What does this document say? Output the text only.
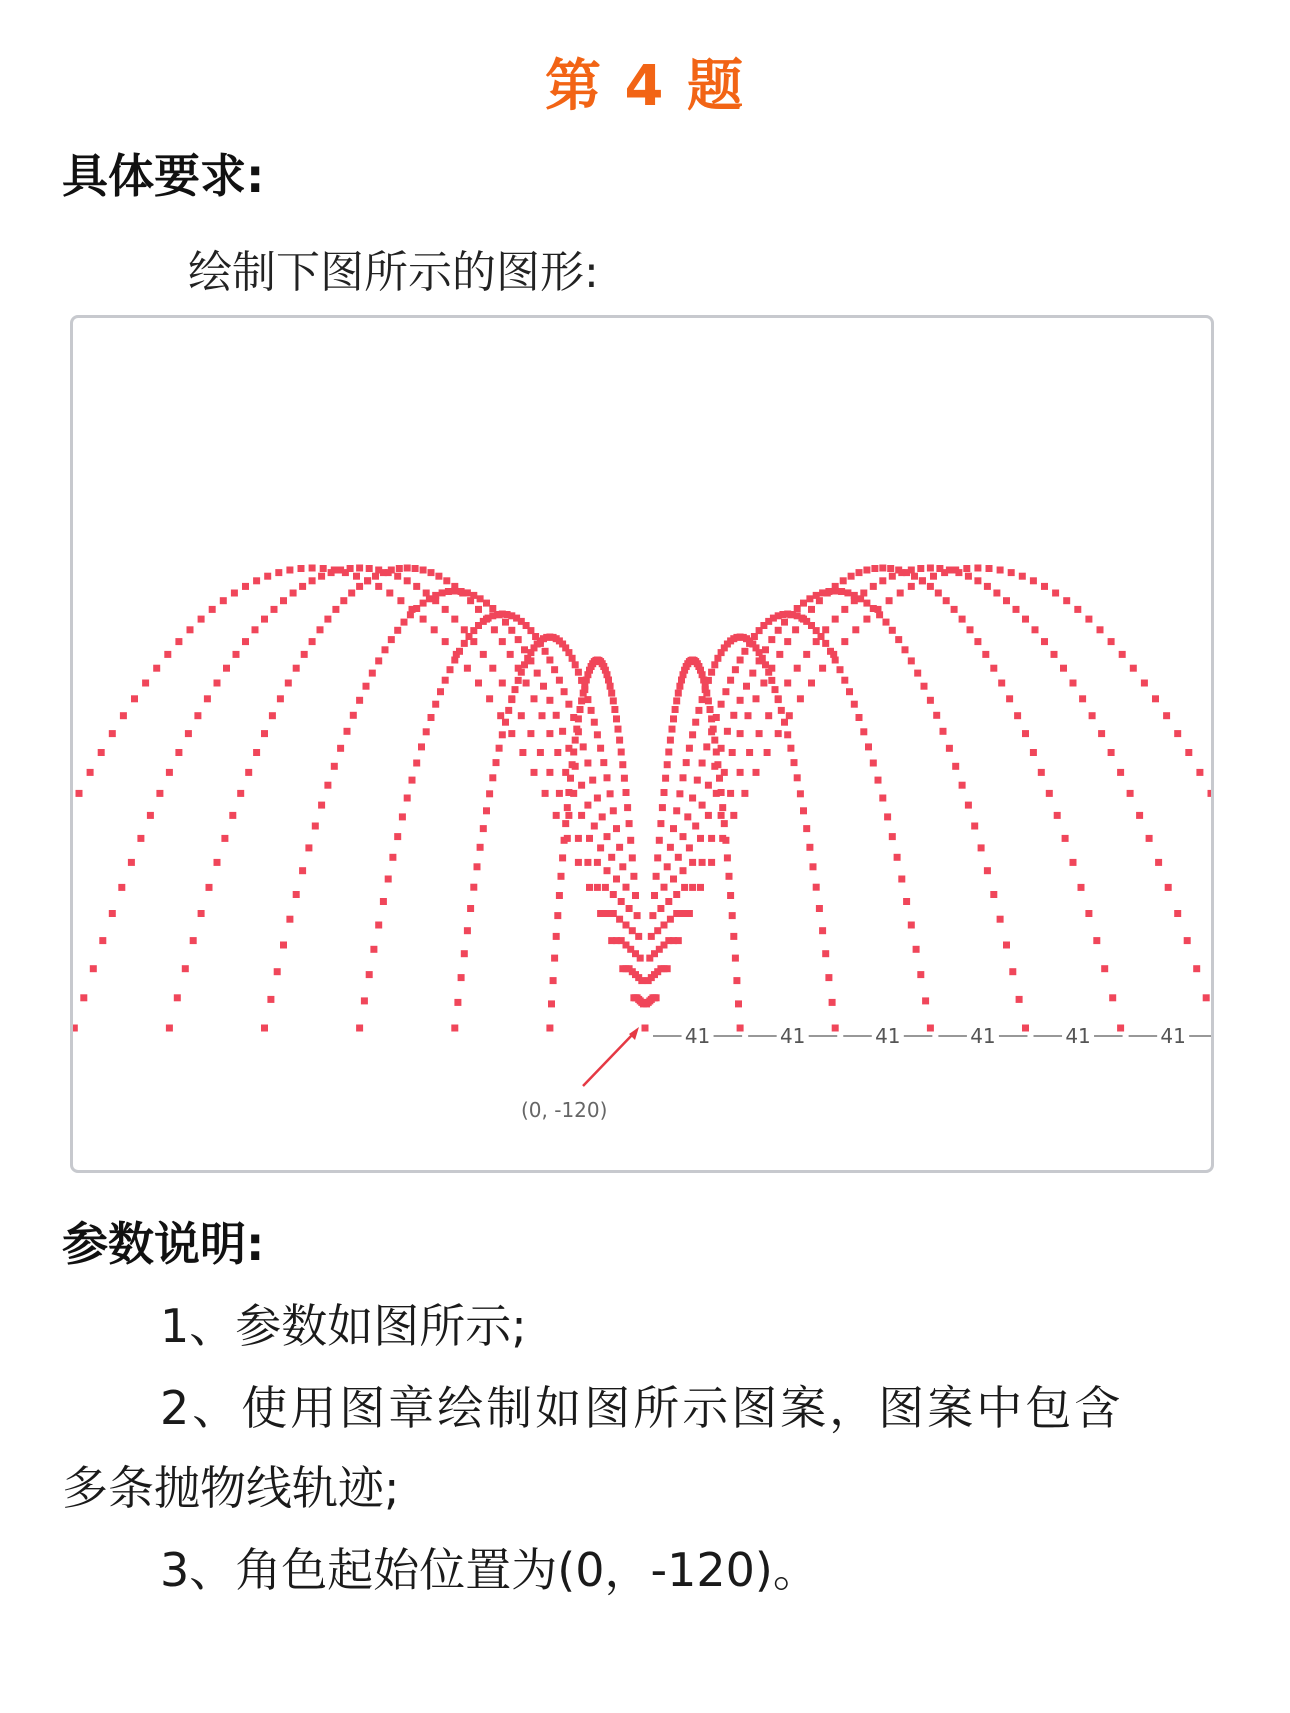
第 4 题
具体要求:
绘制下图所示的图形:
41	41	41	41	41	41
(0, -120)
参数说明:
1、参数如图所示;
2、使用图章绘制如图所示图案，图案中包含
多条抛物线轨迹;
3、角色起始位置为(0，-120)。
